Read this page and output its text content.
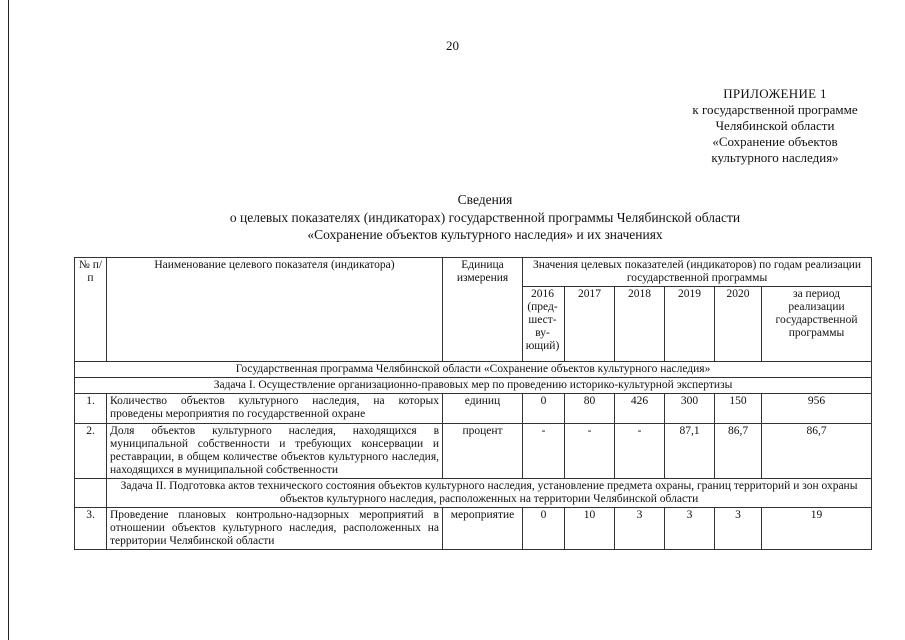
20
ПРИЛОЖЕНИЕ 1
к государственной программе
Челябинской области
«Сохранение объектов
культурного наследия»
Сведения
о целевых показателях (индикаторах) государственной программы Челябинской области
«Сохранение объектов культурного наследия» и их значениях
№ п/п	Наименование целевого показателя (индикатора)	Единица измерения	Значения целевых показателей (индикаторов) по годам реализации государственной программы					
			2016 (пред-шест-ву-ющий)	2017	2018	2019	2020	за период реализации государственной программы
Государственная программа Челябинской области «Сохранение объектов культурного наследия»								
Задача I. Осуществление организационно-правовых мер по проведению историко-культурной экспертизы								
1.	Количество объектов культурного наследия, на которых проведены мероприятия по государственной охране	единиц	0	80	426	300	150	956
2.	Доля объектов культурного наследия, находящихся в муниципальной собственности и требующих консервации и реставрации, в общем количестве объектов культурного наследия, находящихся в муниципальной собственности	процент	-	-	-	87,1	86,7	86,7
	Задача II. Подготовка актов технического состояния объектов культурного наследия, установление предмета охраны, границ территорий и зон охраны объектов культурного наследия, расположенных на территории Челябинской области							
3.	Проведение плановых контрольно-надзорных мероприятий в отношении объектов культурного наследия, расположенных на территории Челябинской области	мероприятие	0	10	3	3	3	19
